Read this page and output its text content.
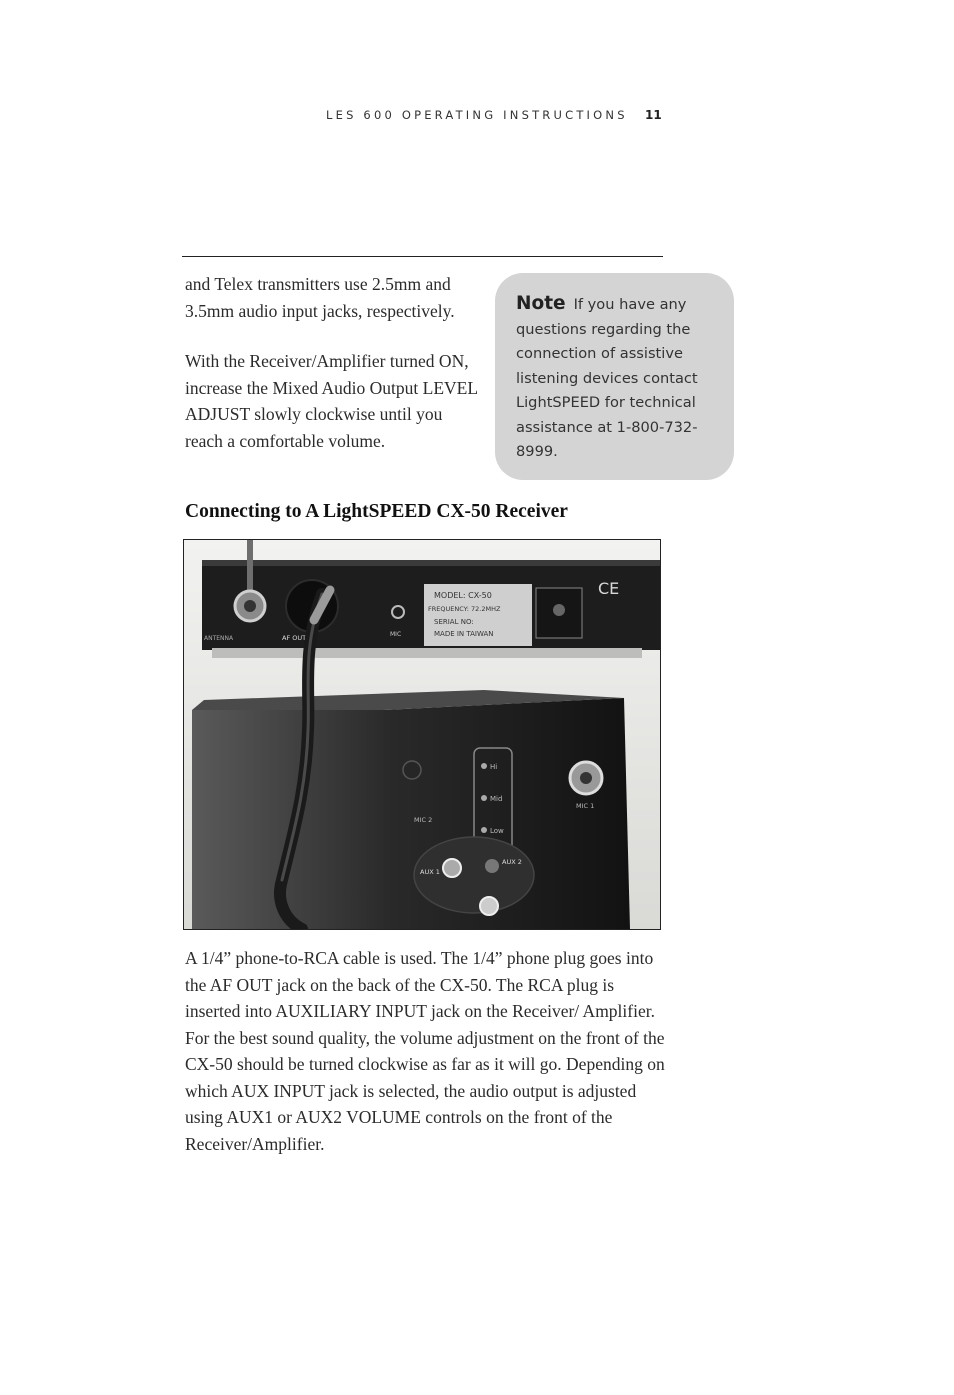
LES 600 OPERATING INSTRUCTIONS 11

and Telex transmitters use 2.5mm and 3.5mm audio input jacks, respectively.

With the Receiver/Amplifier turned ON, increase the Mixed Audio Output LEVEL ADJUST slowly clockwise until you reach a comfortable volume.

Note If you have any questions regarding the connection of assistive listening devices contact LightSPEED for technical assistance at 1-800-732-8999.
Connecting to A LightSPEED CX-50 Receiver
MODEL: CX-50
FREQUENCY: 72.2MHZ
SERIAL NO:
MADE IN TAIWAN
CE
ANTENNA	AF OUT	MIC
Hi
Mid
Low
MIC 2
MIC 1
AUX 1
AUX 2

A 1/4” phone-to-RCA cable is used. The 1/4” phone plug goes into the AF OUT jack on the back of the CX-50. The RCA plug is inserted into AUXILIARY INPUT jack on the Receiver/ Amplifier. For the best sound quality, the volume adjustment on the front of the CX-50 should be turned clockwise as far as it will go. Depending on which AUX INPUT jack is selected, the audio output is adjusted using AUX1 or AUX2 VOLUME controls on the front of the Receiver/Amplifier.
